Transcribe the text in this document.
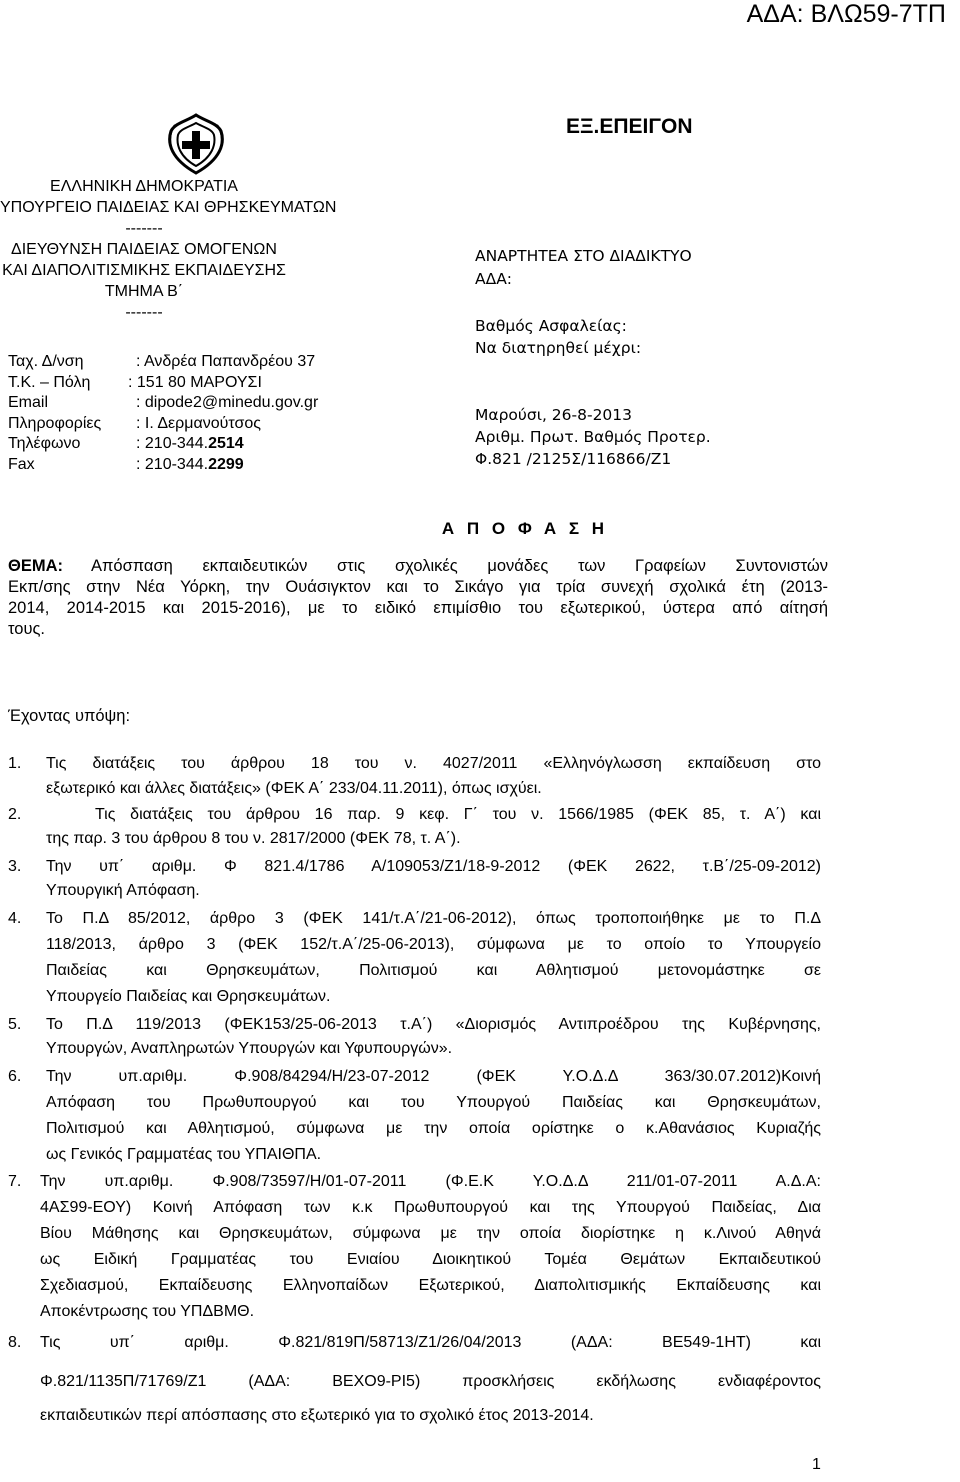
ΑΔΑ: ΒΛΩ59-7ΤΠ
ΕΛΛΗΝΙΚΗ ΔΗΜΟΚΡΑΤΙΑ
ΥΠΟΥΡΓΕΙΟ ΠΑΙΔΕΙΑΣ ΚΑΙ ΘΡΗΣΚΕΥΜΑΤΩΝ
-------
ΔΙΕΥΘΥΝΣΗ ΠΑΙΔΕΙΑΣ ΟΜΟΓΕΝΩΝ
ΚΑΙ ΔΙΑΠΟΛΙΤΙΣΜΙΚΗΣ ΕΚΠΑΙΔΕΥΣΗΣ
ΤΜΗΜΑ Β΄
-------
Ταχ. Δ/νση	: Ανδρέα Παπανδρέου 37
Τ.Κ. – Πόλη : 151 80 ΜΑΡΟΥΣΙ
Email	: dipode2@minedu.gov.gr
Πληροφορίες : Ι. Δερμανούτσος
Τηλέφωνο	: 210-344.2514
Fax	: 210-344.2299
ΕΞ.ΕΠΕΙΓΟΝ
ΑΝΑΡΤΗΤΕΑ ΣΤΟ ΔΙΑΔΙΚΤΥΟ
ΑΔΑ:
Βαθμός Ασφαλείας:
Να διατηρηθεί μέχρι:
Μαρούσι, 26-8-2013
Αριθμ. Πρωτ. Βαθμός Προτερ.
Φ.821 /2125Σ/116866/Ζ1
Α Π Ο Φ Α Σ Η
ΘΕΜΑ: Απόσπαση εκπαιδευτικών στις σχολικές μονάδες των Γραφείων Συντονιστών
Εκπ/σης στην Νέα Υόρκη, την Ουάσιγκτον και το Σικάγο για τρία συνεχή σχολικά έτη (2013-
2014, 2014-2015 και 2015-2016), με το ειδικό επιμίσθιο του εξωτερικού, ύστερα από αίτησή
τους.
Έχοντας υπόψη:
1. Τις διατάξεις του άρθρου 18 του ν. 4027/2011 «Ελληνόγλωσση εκπαίδευση στο
εξωτερικό και άλλες διατάξεις» (ΦΕΚ Α΄ 233/04.11.2011), όπως ισχύει.
2.	Τις διατάξεις του άρθρου 16 παρ. 9 κεφ. Γ΄ του ν. 1566/1985 (ΦΕΚ 85, τ. Α΄) και
της παρ. 3 του άρθρου 8 του ν. 2817/2000 (ΦΕΚ 78, τ. Α΄).
3. Την υπ΄ αριθμ. Φ 821.4/1786 Α/109053/Ζ1/18-9-2012 (ΦΕΚ 2622, τ.Β΄/25-09-2012)
Υπουργική Απόφαση.
4. Το Π.Δ 85/2012, άρθρο 3 (ΦΕΚ 141/τ.Α΄/21-06-2012), όπως τροποποιήθηκε με το Π.Δ
118/2013, άρθρο 3 (ΦΕΚ 152/τ.Α΄/25-06-2013), σύμφωνα με το οποίο το Υπουργείο
Παιδείας και Θρησκευμάτων, Πολιτισμού και Αθλητισμού μετονομάστηκε σε
Υπουργείο Παιδείας και Θρησκευμάτων.
5. Το Π.Δ 119/2013 (ΦΕΚ153/25-06-2013 τ.Α΄) «Διορισμός Αντιπροέδρου της Κυβέρνησης,
Υπουργών, Αναπληρωτών Υπουργών και Υφυπουργών».
6. Την υπ.αριθμ. Φ.908/84294/Η/23-07-2012 (ΦΕΚ Υ.Ο.Δ.Δ 363/30.07.2012)Κοινή
Απόφαση του Πρωθυπουργού και του Υπουργού Παιδείας και Θρησκευμάτων,
Πολιτισμού και Αθλητισμού, σύμφωνα με την οποία ορίστηκε ο κ.Αθανάσιος Κυριαζής
ως Γενικός Γραμματέας του ΥΠΑΙΘΠΑ.
7. Την υπ.αριθμ. Φ.908/73597/Η/01-07-2011 (Φ.Ε.Κ Υ.Ο.Δ.Δ 211/01-07-2011 Α.Δ.Α:
4ΑΣ99-ΕΟΥ) Κοινή Απόφαση των κ.κ Πρωθυπουργού και της Υπουργού Παιδείας, Δια
Βίου Μάθησης και Θρησκευμάτων, σύμφωνα με την οποία διορίστηκε η κ.Λινού Αθηνά
ως Ειδική Γραμματέας του Ενιαίου Διοικητικού Τομέα Θεμάτων Εκπαιδευτικού
Σχεδιασμού, Εκπαίδευσης Ελληνοπαίδων Εξωτερικού, Διαπολιτισμικής Εκπαίδευσης και
Αποκέντρωσης του ΥΠΔΒΜΘ.
8. Τις υπ΄ αριθμ. Φ.821/819Π/58713/Ζ1/26/04/2013 (ΑΔΑ: ΒΕ549-1ΗΤ) και
Φ.821/1135Π/71769/Ζ1 (ΑΔΑ: ΒΕΧΟ9-ΡΙ5) προσκλήσεις εκδήλωσης ενδιαφέροντος
εκπαιδευτικών περί απόσπασης στο εξωτερικό για το σχολικό έτος 2013-2014.
1
